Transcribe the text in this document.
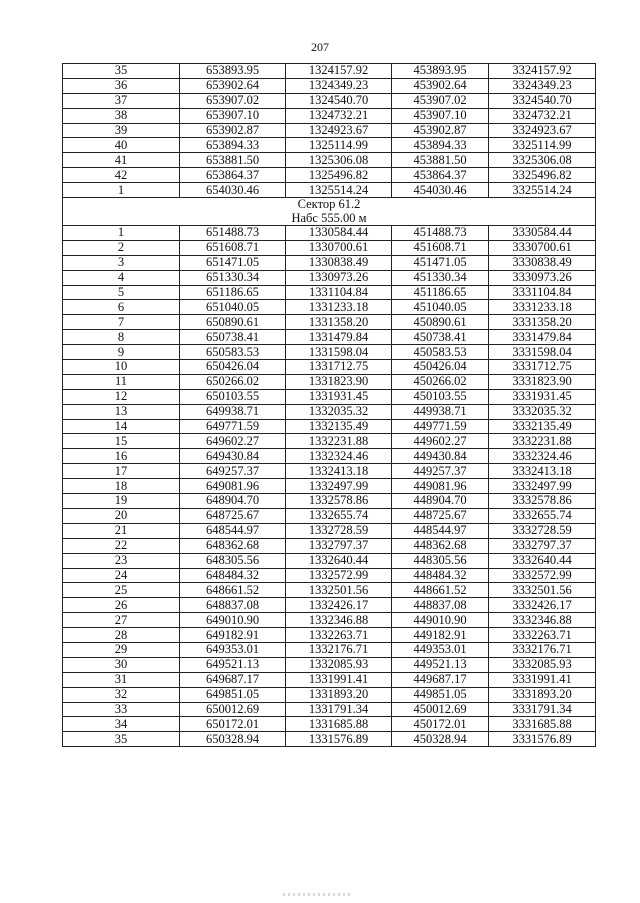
207
35	653893.95	1324157.92	453893.95	3324157.92
36	653902.64	1324349.23	453902.64	3324349.23
37	653907.02	1324540.70	453907.02	3324540.70
38	653907.10	1324732.21	453907.10	3324732.21
39	653902.87	1324923.67	453902.87	3324923.67
40	653894.33	1325114.99	453894.33	3325114.99
41	653881.50	1325306.08	453881.50	3325306.08
42	653864.37	1325496.82	453864.37	3325496.82
1	654030.46	1325514.24	454030.46	3325514.24

Сектор 61.2
Набс 555.00 м				

1	651488.73	1330584.44	451488.73	3330584.44
2	651608.71	1330700.61	451608.71	3330700.61
3	651471.05	1330838.49	451471.05	3330838.49
4	651330.34	1330973.26	451330.34	3330973.26
5	651186.65	1331104.84	451186.65	3331104.84
6	651040.05	1331233.18	451040.05	3331233.18
7	650890.61	1331358.20	450890.61	3331358.20
8	650738.41	1331479.84	450738.41	3331479.84
9	650583.53	1331598.04	450583.53	3331598.04
10	650426.04	1331712.75	450426.04	3331712.75
11	650266.02	1331823.90	450266.02	3331823.90
12	650103.55	1331931.45	450103.55	3331931.45
13	649938.71	1332035.32	449938.71	3332035.32
14	649771.59	1332135.49	449771.59	3332135.49
15	649602.27	1332231.88	449602.27	3332231.88
16	649430.84	1332324.46	449430.84	3332324.46
17	649257.37	1332413.18	449257.37	3332413.18
18	649081.96	1332497.99	449081.96	3332497.99
19	648904.70	1332578.86	448904.70	3332578.86
20	648725.67	1332655.74	448725.67	3332655.74
21	648544.97	1332728.59	448544.97	3332728.59
22	648362.68	1332797.37	448362.68	3332797.37
23	648305.56	1332640.44	448305.56	3332640.44
24	648484.32	1332572.99	448484.32	3332572.99
25	648661.52	1332501.56	448661.52	3332501.56
26	648837.08	1332426.17	448837.08	3332426.17
27	649010.90	1332346.88	449010.90	3332346.88
28	649182.91	1332263.71	449182.91	3332263.71
29	649353.01	1332176.71	449353.01	3332176.71
30	649521.13	1332085.93	449521.13	3332085.93
31	649687.17	1331991.41	449687.17	3331991.41
32	649851.05	1331893.20	449851.05	3331893.20
33	650012.69	1331791.34	450012.69	3331791.34
34	650172.01	1331685.88	450172.01	3331685.88
35	650328.94	1331576.89	450328.94	3331576.89
